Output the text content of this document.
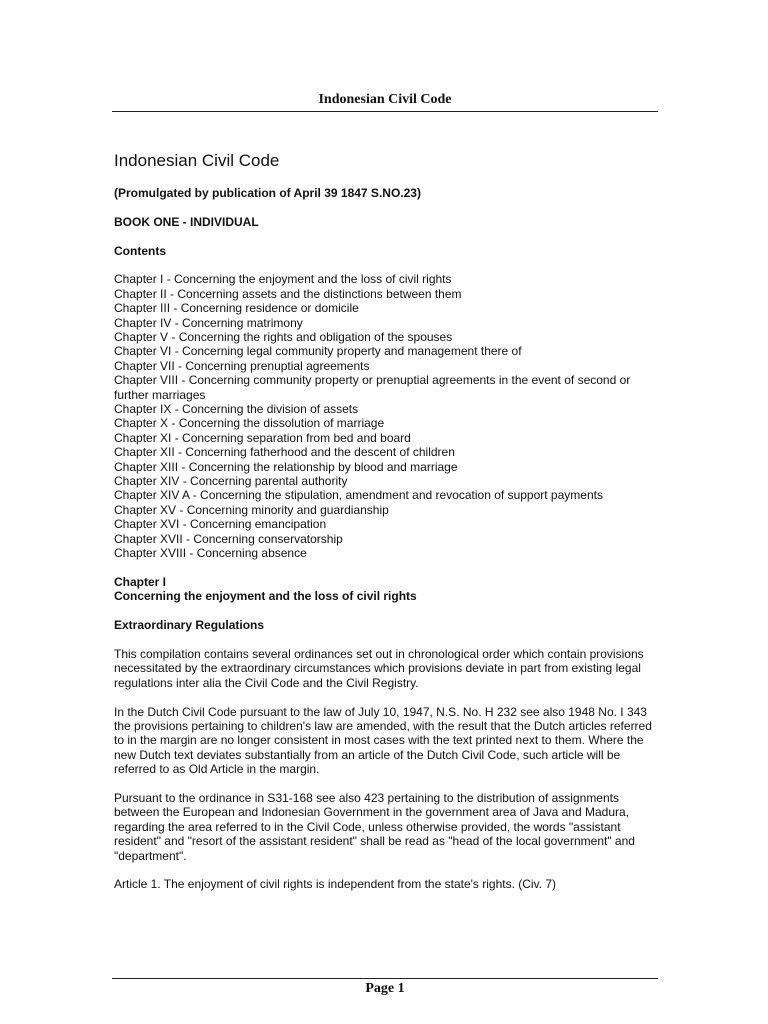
Indonesian Civil Code
Indonesian Civil Code

(Promulgated by publication of April 39 1847 S.NO.23)

BOOK ONE - INDIVIDUAL

Contents

Chapter I - Concerning the enjoyment and the loss of civil rights

Chapter II - Concerning assets and the distinctions between them

Chapter III - Concerning residence or domicile

Chapter IV - Concerning matrimony

Chapter V - Concerning the rights and obligation of the spouses

Chapter VI - Concerning legal community property and management there of

Chapter VII - Concerning prenuptial agreements

Chapter VIII - Concerning community property or prenuptial agreements in the event of second or further marriages

Chapter IX - Concerning the division of assets

Chapter X - Concerning the dissolution of marriage

Chapter XI - Concerning separation from bed and board

Chapter XII - Concerning fatherhood and the descent of children

Chapter XIII - Concerning the relationship by blood and marriage

Chapter XIV - Concerning parental authority

Chapter XIV A - Concerning the stipulation, amendment and revocation of support payments

Chapter XV - Concerning minority and guardianship

Chapter XVI - Concerning emancipation

Chapter XVII - Concerning conservatorship

Chapter XVIII - Concerning absence

Chapter I

Concerning the enjoyment and the loss of civil rights

Extraordinary Regulations

This compilation contains several ordinances set out in chronological order which contain provisions necessitated by the extraordinary circumstances which provisions deviate in part from existing legal regulations inter alia the Civil Code and the Civil Registry.

In the Dutch Civil Code pursuant to the law of July 10, 1947, N.S. No. H 232 see also 1948 No. I 343 the provisions pertaining to children's law are amended, with the result that the Dutch articles referred to in the margin are no longer consistent in most cases with the text printed next to them. Where the new Dutch text deviates substantially from an article of the Dutch Civil Code, such article will be referred to as Old Article in the margin.

Pursuant to the ordinance in S31-168 see also 423 pertaining to the distribution of assignments between the European and Indonesian Government in the government area of Java and Madura, regarding the area referred to in the Civil Code, unless otherwise provided, the words "assistant resident" and "resort of the assistant resident" shall be read as "head of the local government" and "department".

Article 1. The enjoyment of civil rights is independent from the state's rights. (Civ. 7)

Page 1
